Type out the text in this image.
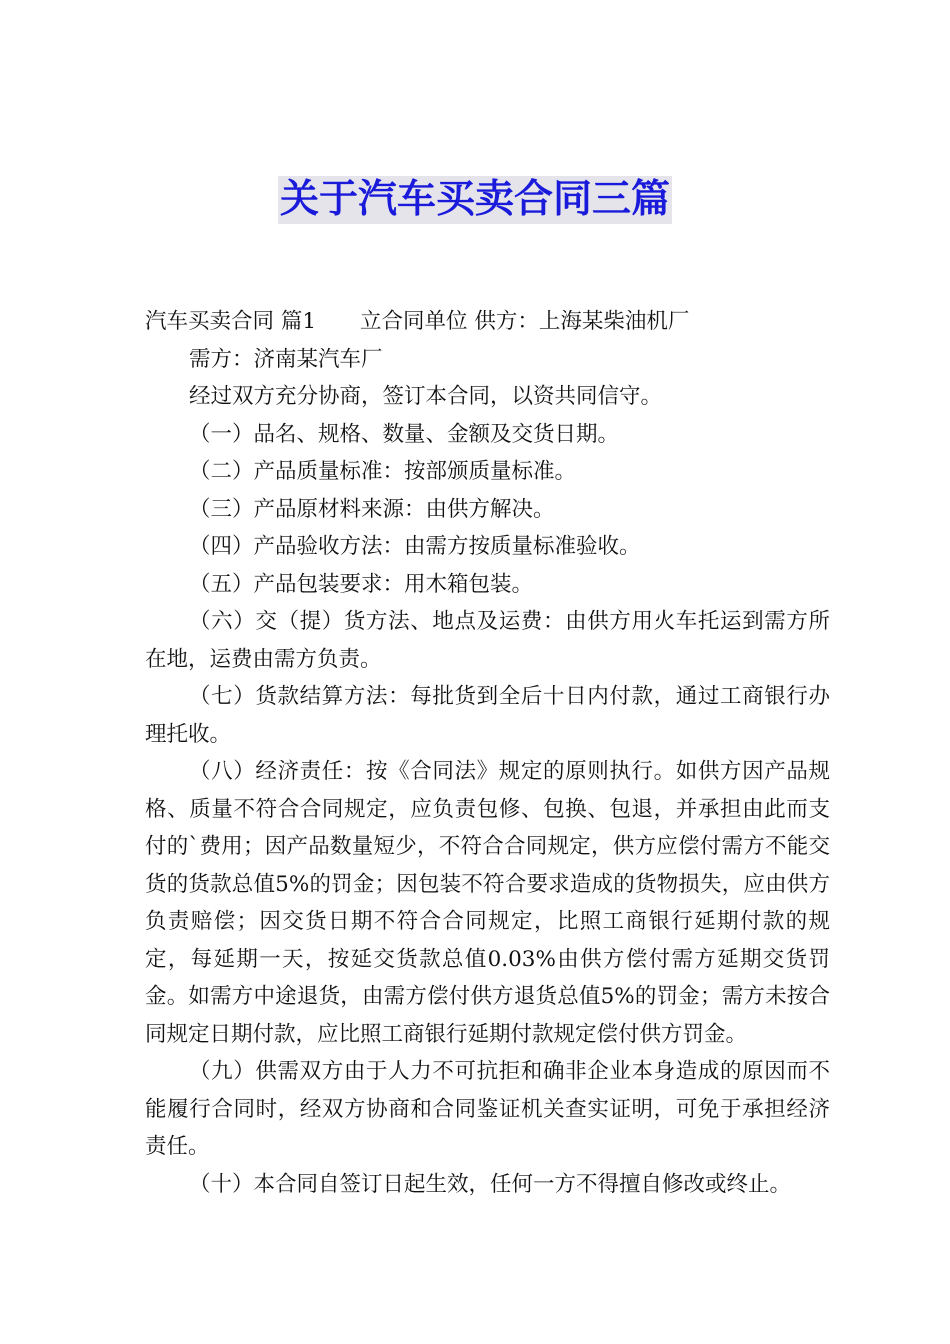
关于汽车买卖合同三篇

汽车买卖合同 篇1 立合同单位 供方：上海某柴油机厂

需方：济南某汽车厂

经过双方充分协商，签订本合同，以资共同信守。

（一）品名、规格、数量、金额及交货日期。

（二）产品质量标准：按部颁质量标准。

（三）产品原材料来源：由供方解决。

（四）产品验收方法：由需方按质量标准验收。

（五）产品包装要求：用木箱包装。

（六）交（提）货方法、地点及运费：由供方用火车托运到需方所在地，运费由需方负责。

（七）货款结算方法：每批货到全后十日内付款，通过工商银行办理托收。

（八）经济责任：按《合同法》规定的原则执行。如供方因产品规格、质量不符合合同规定，应负责包修、包换、包退，并承担由此而支付的`费用；因产品数量短少，不符合合同规定，供方应偿付需方不能交货的货款总值5%的罚金；因包装不符合要求造成的货物损失，应由供方负责赔偿；因交货日期不符合合同规定，比照工商银行延期付款的规定，每延期一天，按延交货款总值0.03%由供方偿付需方延期交货罚金。如需方中途退货，由需方偿付供方退货总值5%的罚金；需方未按合同规定日期付款，应比照工商银行延期付款规定偿付供方罚金。

（九）供需双方由于人力不可抗拒和确非企业本身造成的原因而不能履行合同时，经双方协商和合同鉴证机关查实证明，可免于承担经济责任。

（十）本合同自签订日起生效，任何一方不得擅自修改或终止。
